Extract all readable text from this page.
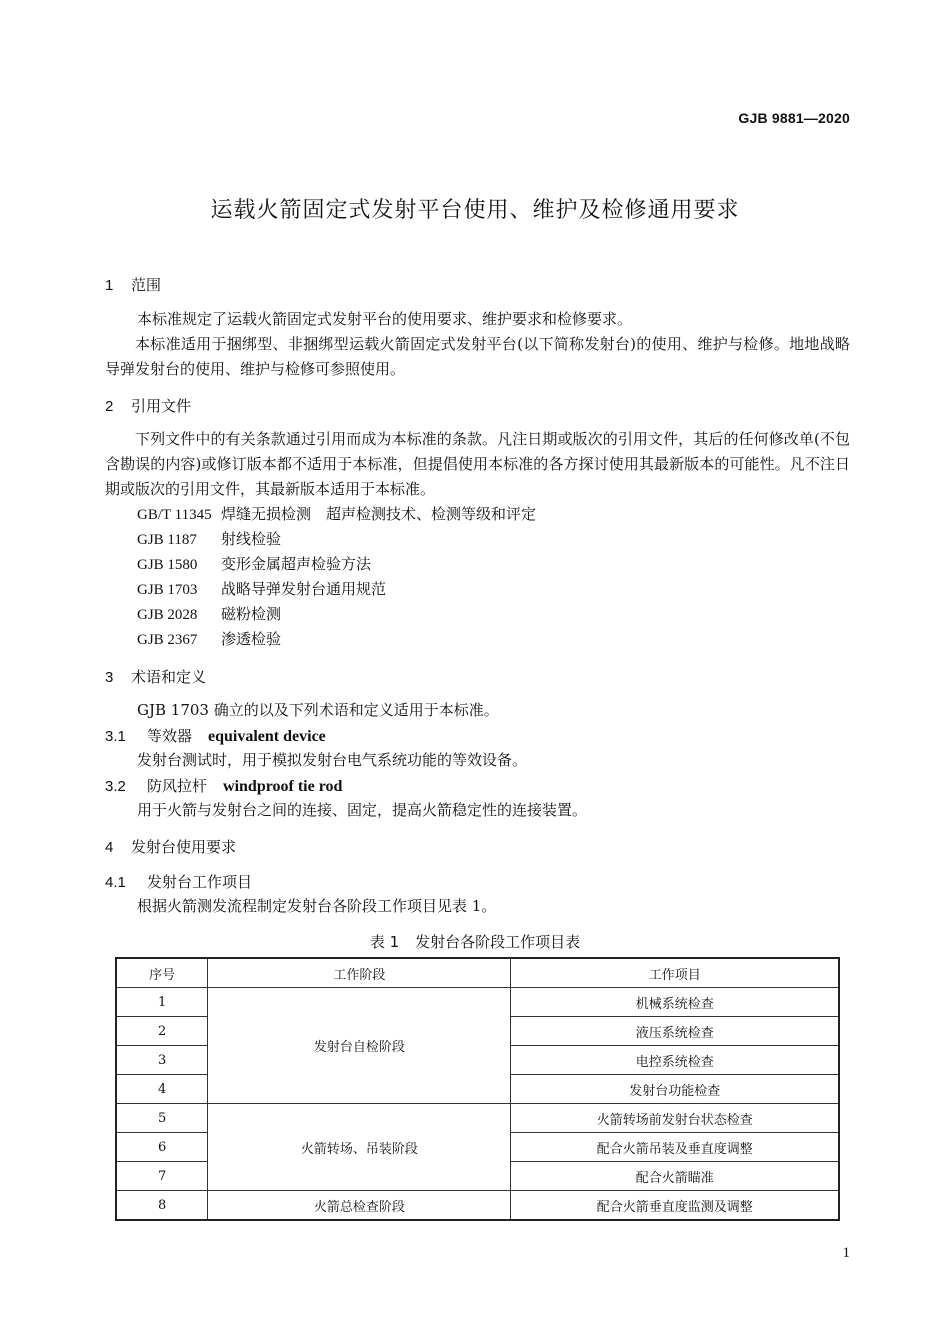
GJB 9881—2020
运载火箭固定式发射平台使用、维护及检修通用要求
1 范围
本标准规定了运载火箭固定式发射平台的使用要求、维护要求和检修要求。
本标准适用于捆绑型、非捆绑型运载火箭固定式发射平台(以下简称发射台)的使用、维护与检修。地地战略导弹发射台的使用、维护与检修可参照使用。
2 引用文件
下列文件中的有关条款通过引用而成为本标准的条款。凡注日期或版次的引用文件，其后的任何修改单(不包含勘误的内容)或修订版本都不适用于本标准，但提倡使用本标准的各方探讨使用其最新版本的可能性。凡不注日期或版次的引用文件，其最新版本适用于本标准。
GB/T 11345 焊缝无损检测　超声检测技术、检测等级和评定
GJB 1187 射线检验
GJB 1580 变形金属超声检验方法
GJB 1703 战略导弹发射台通用规范
GJB 2028 磁粉检测
GJB 2367 渗透检验
3 术语和定义
GJB 1703 确立的以及下列术语和定义适用于本标准。
3.1 等效器 equivalent device
发射台测试时，用于模拟发射台电气系统功能的等效设备。
3.2 防风拉杆 windproof tie rod
用于火箭与发射台之间的连接、固定，提高火箭稳定性的连接装置。
4 发射台使用要求
4.1 发射台工作项目
根据火箭测发流程制定发射台各阶段工作项目见表 1。
表 1 发射台各阶段工作项目表
序号	工作阶段	工作项目
1	发射台自检阶段	机械系统检查
2		液压系统检查
3		电控系统检查
4		发射台功能检查
5	火箭转场、吊装阶段	火箭转场前发射台状态检查
6		配合火箭吊装及垂直度调整
7		配合火箭瞄准
8	火箭总检查阶段	配合火箭垂直度监测及调整
1
